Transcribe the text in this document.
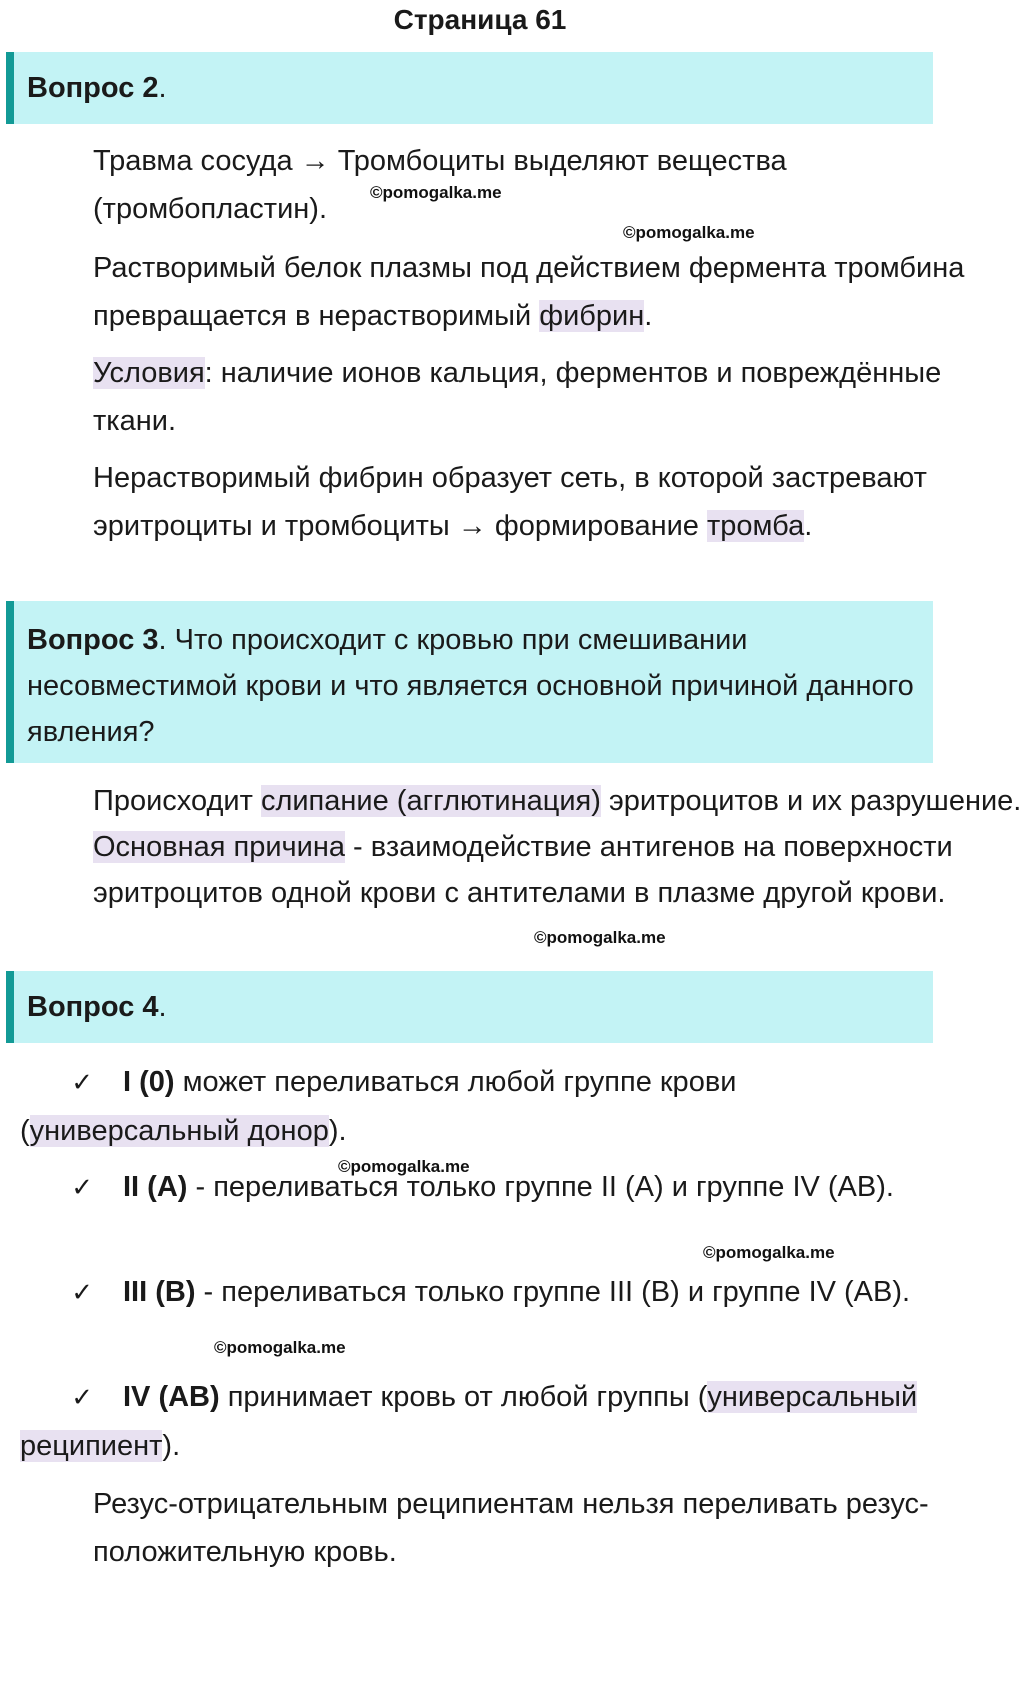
Страница 61
Вопрос 2.

Травма сосуда → Тромбоциты выделяют вещества (тромбопластин).

Растворимый белок плазмы под действием фермента тромбина превращается в нерастворимый фибрин.

Условия: наличие ионов кальция, ферментов и повреждённые ткани.

Нерастворимый фибрин образует сеть, в которой застревают эритроциты и тромбоциты → формирование тромба.

Вопрос 3. Что происходит с кровью при смешивании несовместимой крови и что является основной причиной данного явления?

Происходит слипание (агглютинация) эритроцитов и их разрушение. Основная причина - взаимодействие антигенов на поверхности эритроцитов одной крови с антителами в плазме другой крови.

Вопрос 4.

✓ I (0) может переливаться любой группе крови (универсальный донор).

✓ II (A) - переливаться только группе II (A) и группе IV (AB).

✓ III (B) - переливаться только группе III (B) и группе IV (AB).

✓ IV (AB) принимает кровь от любой группы (универсальный реципиент).

Резус-отрицательным реципиентам нельзя переливать резус-положительную кровь.

©pomogalka.me
©pomogalka.me
©pomogalka.me
©pomogalka.me
©pomogalka.me
©pomogalka.me
